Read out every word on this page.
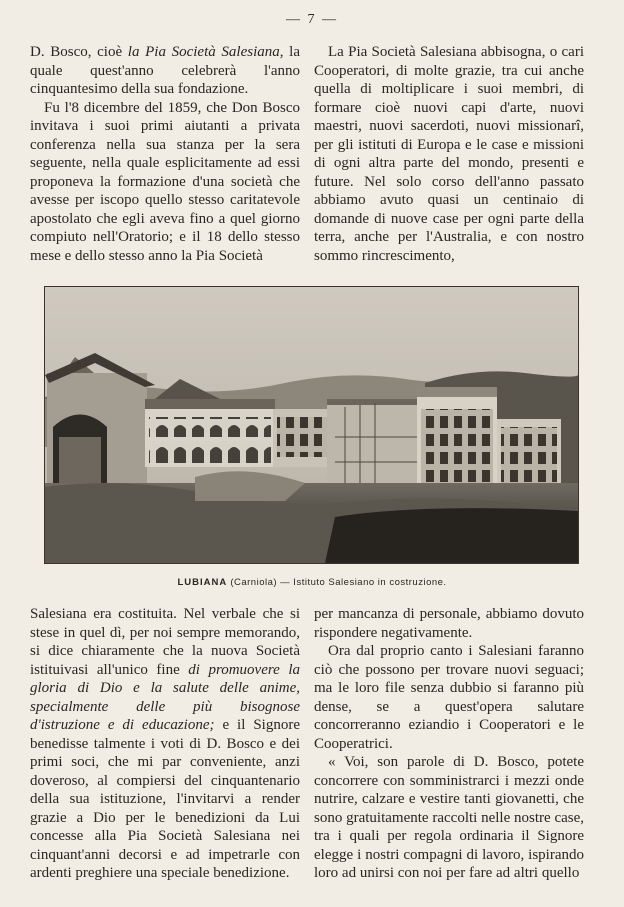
— 7 —

D. Bosco, cioè la Pia Società Salesiana, la quale quest'anno celebrerà l'anno cinquantesimo della sua fondazione.

Fu l'8 dicembre del 1859, che Don Bosco invitava i suoi primi aiutanti a privata conferenza nella sua stanza per la sera seguente, nella quale esplicitamente ad essi proponeva la formazione d'una società che avesse per iscopo quello stesso caritatevole apostolato che egli aveva fino a quel giorno compiuto nell'Oratorio; e il 18 dello stesso mese e dello stesso anno la Pia Società

La Pia Società Salesiana abbisogna, o cari Cooperatori, di molte grazie, tra cui anche quella di moltiplicare i suoi membri, di formare cioè nuovi capi d'arte, nuovi maestri, nuovi sacerdoti, nuovi missionarî, per gli istituti di Europa e le case e missioni di ogni altra parte del mondo, presenti e future. Nel solo corso dell'anno passato abbiamo avuto quasi un centinaio di domande di nuove case per ogni parte della terra, anche per l'Australia, e con nostro sommo rincrescimento,

LUBIANA (Carniola) — Istituto Salesiano in costruzione.

Salesiana era costituita. Nel verbale che si stese in quel dì, per noi sempre memorando, si dice chiaramente che la nuova Società istituivasi all'unico fine di promuovere la gloria di Dio e la salute delle anime, specialmente delle più bisognose d'istruzione e di educazione; e il Signore benedisse talmente i voti di D. Bosco e dei primi soci, che mi par conveniente, anzi doveroso, al compiersi del cinquantenario della sua istituzione, l'invitarvi a render grazie a Dio per le benedizioni da Lui concesse alla Pia Società Salesiana nei cinquant'anni decorsi e ad impetrarle con ardenti preghiere una speciale benedizione.

per mancanza di personale, abbiamo dovuto rispondere negativamente.

Ora dal proprio canto i Salesiani faranno ciò che possono per trovare nuovi seguaci; ma le loro file senza dubbio si faranno più dense, se a quest'opera salutare concorreranno eziandio i Cooperatori e le Cooperatrici.

« Voi, son parole di D. Bosco, potete concorrere con somministrarci i mezzi onde nutrire, calzare e vestire tanti giovanetti, che sono gratuitamente raccolti nelle nostre case, tra i quali per regola ordinaria il Signore elegge i nostri compagni di lavoro, ispirando loro ad unirsi con noi per fare ad altri quello
